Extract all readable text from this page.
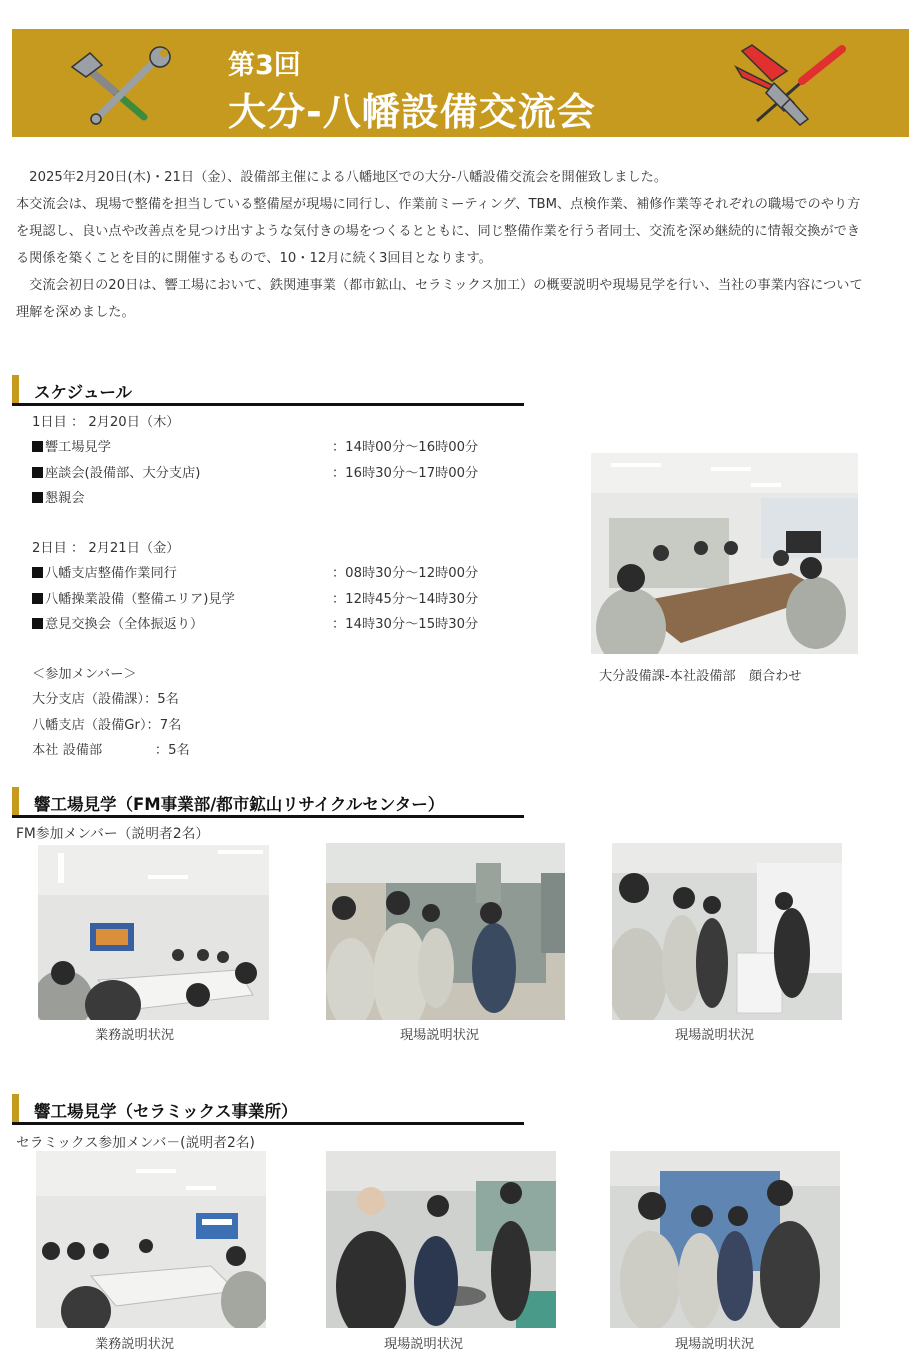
第3回
大分-八幡設備交流会

　2025年2月20日(木)・21日（金）、設備部主催による八幡地区での大分-八幡設備交流会を開催致しました。

本交流会は、現場で整備を担当している整備屋が現場に同行し、作業前ミーティング、TBM、点検作業、補修作業等それぞれの職場でのやり方を現認し、良い点や改善点を見つけ出すような気付きの場をつくるとともに、同じ整備作業を行う者同士、交流を深め継続的に情報交換ができる関係を築くことを目的に開催するもので、10・12月に続く3回目となります。

　交流会初日の20日は、響工場において、鉄関連事業（都市鉱山、セラミックス加工）の概要説明や現場見学を行い、当社の事業内容について理解を深めました。

スケジュール
1日目 ： 2月20日（木）
響工場見学	：14時00分～16時00分
座談会(設備部、大分支店)	：16時30分～17時00分
懇親会
2日目 ： 2月21日（金）
八幡支店整備作業同行	：08時30分～12時00分
八幡操業設備（整備エリア)見学	：12時45分～14時30分
意見交換会（全体振返り）	：14時30分～15時30分
＜参加メンバー＞
大分支店（設備課）：5名
八幡支店（設備Gr）：7名
本社 設備部　　　　：5名
大分設備課-本社設備部　顔合わせ
響工場見学（FM事業部/都市鉱山リサイクルセンター）
FM参加メンバー（説明者2名）
業務説明状況	現場説明状況	現場説明状況
響工場見学（セラミックス事業所）
セラミックス参加メンバ－(説明者2名)
業務説明状況	現場説明状況	現場説明状況
